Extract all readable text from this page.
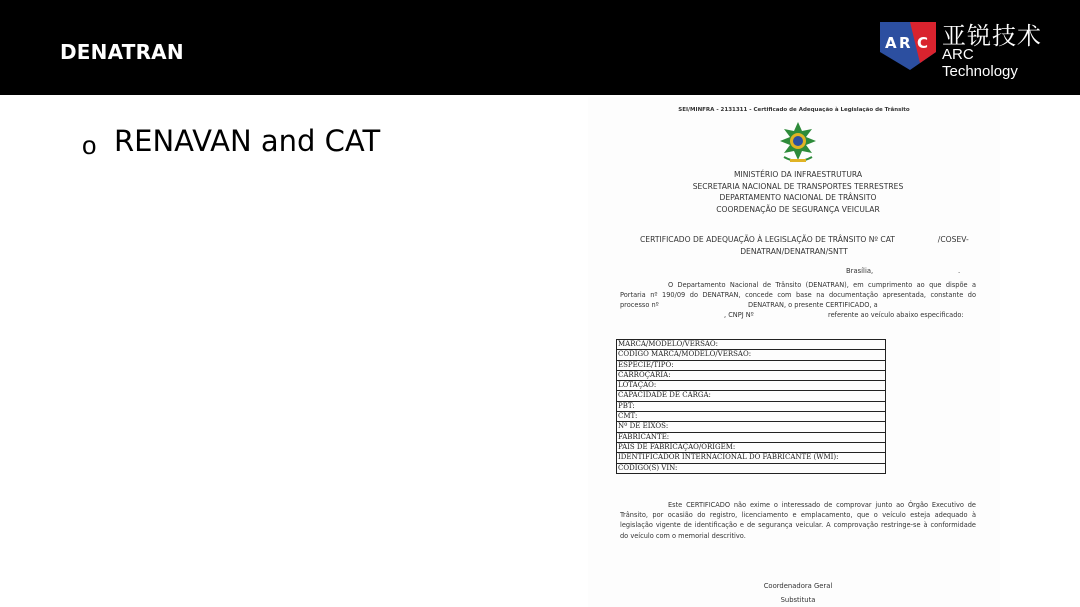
DENATRAN	A R C 亚锐技术
ARC Technology
o RENAVAN and CAT
SEI/MINFRA - 2131311 - Certificado de Adequação à Legislação de Trânsito
MINISTÉRIO DA INFRAESTRUTURA
SECRETARIA NACIONAL DE TRANSPORTES TERRESTRES
DEPARTAMENTO NACIONAL DE TRÂNSITO
COORDENAÇÃO DE SEGURANÇA VEICULAR
CERTIFICADO DE ADEQUAÇÃO À LEGISLAÇÃO DE TRÂNSITO Nº CAT	/COSEV-
DENATRAN/DENATRAN/SNTT
Brasília,	.
O Departamento Nacional de Trânsito (DENATRAN), em cumprimento ao que dispõe a Portaria nº 190/09 do DENATRAN, concede com base na documentação apresentada, constante do processo nº	DENATRAN, o presente CERTIFICADO, a
, CNPJ Nº	referente ao veículo abaixo especificado:
MARCA/MODELO/VERSÃO:
CÓDIGO MARCA/MODELO/VERSÃO:
ESPÉCIE/TIPO:
CARROÇARIA:
LOTAÇÃO:
CAPACIDADE DE CARGA:
PBT:
CMT:
Nº DE EIXOS:
FABRICANTE:
PAÍS DE FABRICAÇÃO/ORIGEM:
IDENTIFICADOR INTERNACIONAL DO FABRICANTE (WMI):
CÓDIGO(S) VIN:
Este CERTIFICADO não exime o interessado de comprovar junto ao Órgão Executivo de Trânsito, por ocasião do registro, licenciamento e emplacamento, que o veículo esteja adequado à legislação vigente de identificação e de segurança veicular. A comprovação restringe-se à conformidade do veículo com o memorial descritivo.
Coordenadora Geral
Substituta
